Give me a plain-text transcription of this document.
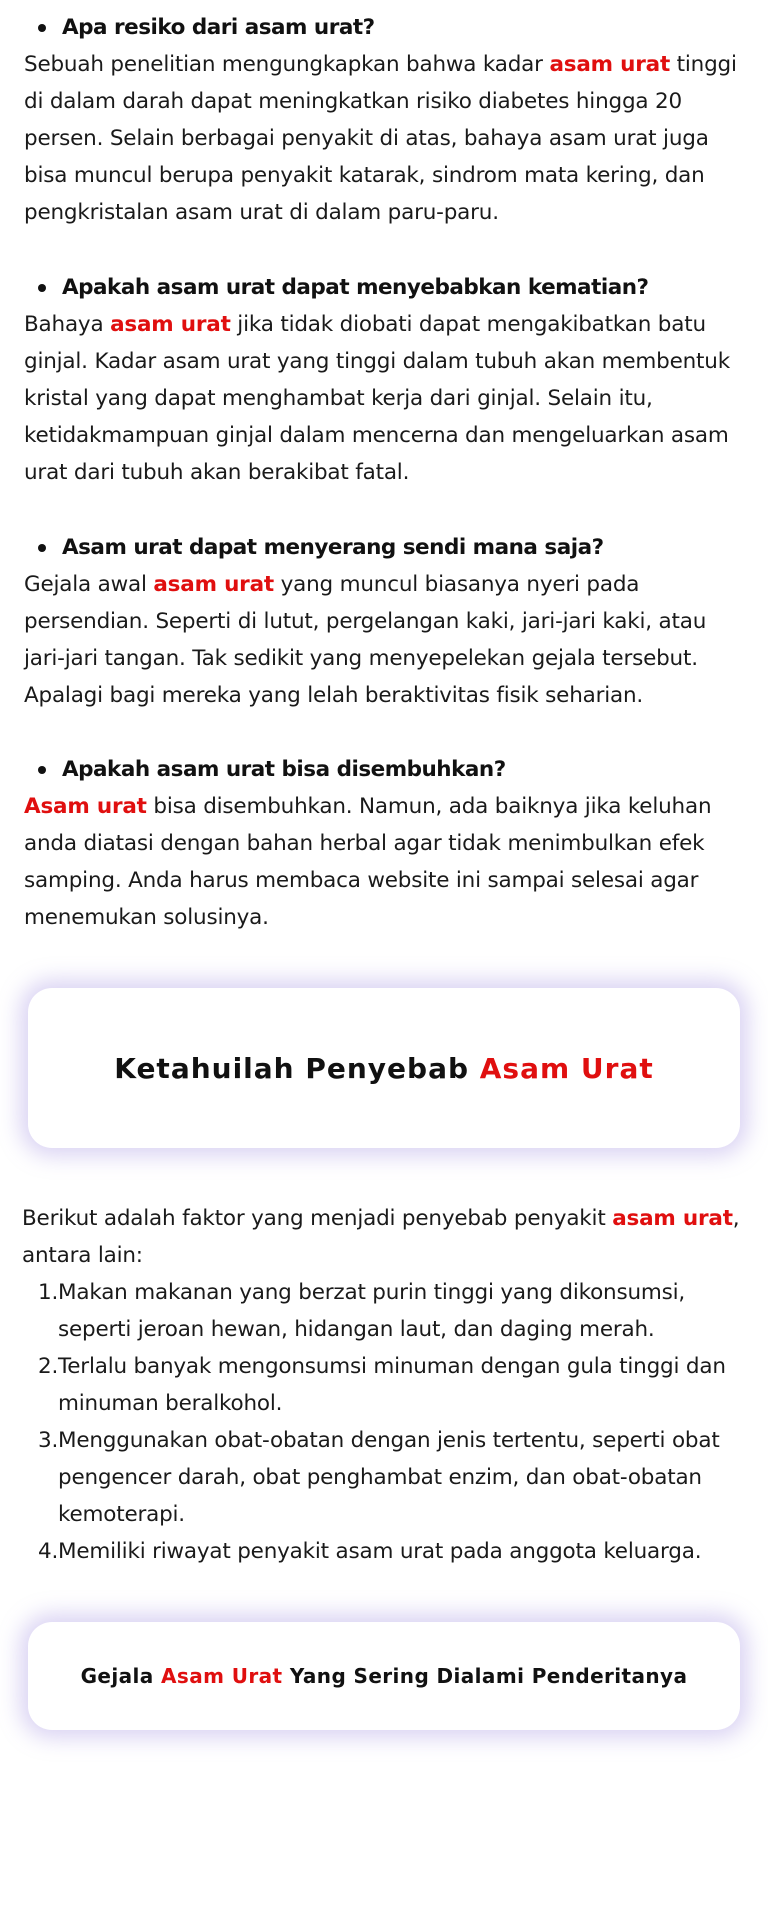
Apa resiko dari asam urat?

Sebuah penelitian mengungkapkan bahwa kadar asam urat tinggi di dalam darah dapat meningkatkan risiko diabetes hingga 20 persen. Selain berbagai penyakit di atas, bahaya asam urat juga bisa muncul berupa penyakit katarak, sindrom mata kering, dan pengkristalan asam urat di dalam paru-paru.

Apakah asam urat dapat menyebabkan kematian?

Bahaya asam urat jika tidak diobati dapat mengakibatkan batu ginjal. Kadar asam urat yang tinggi dalam tubuh akan membentuk kristal yang dapat menghambat kerja dari ginjal. Selain itu, ketidakmampuan ginjal dalam mencerna dan mengeluarkan asam urat dari tubuh akan berakibat fatal.

Asam urat dapat menyerang sendi mana saja?

Gejala awal asam urat yang muncul biasanya nyeri pada persendian. Seperti di lutut, pergelangan kaki, jari-jari kaki, atau jari-jari tangan. Tak sedikit yang menyepelekan gejala tersebut. Apalagi bagi mereka yang lelah beraktivitas fisik seharian.

Apakah asam urat bisa disembuhkan?

Asam urat bisa disembuhkan. Namun, ada baiknya jika keluhan anda diatasi dengan bahan herbal agar tidak menimbulkan efek samping. Anda harus membaca website ini sampai selesai agar menemukan solusinya.

Ketahuilah Penyebab Asam Urat

Berikut adalah faktor yang menjadi penyebab penyakit asam urat, antara lain:

1. Makan makanan yang berzat purin tinggi yang dikonsumsi, seperti jeroan hewan, hidangan laut, dan daging merah.
2. Terlalu banyak mengonsumsi minuman dengan gula tinggi dan minuman beralkohol.
3. Menggunakan obat-obatan dengan jenis tertentu, seperti obat pengencer darah, obat penghambat enzim, dan obat-obatan kemoterapi.
4. Memiliki riwayat penyakit asam urat pada anggota keluarga.
Gejala Asam Urat Yang Sering Dialami Penderitanya
